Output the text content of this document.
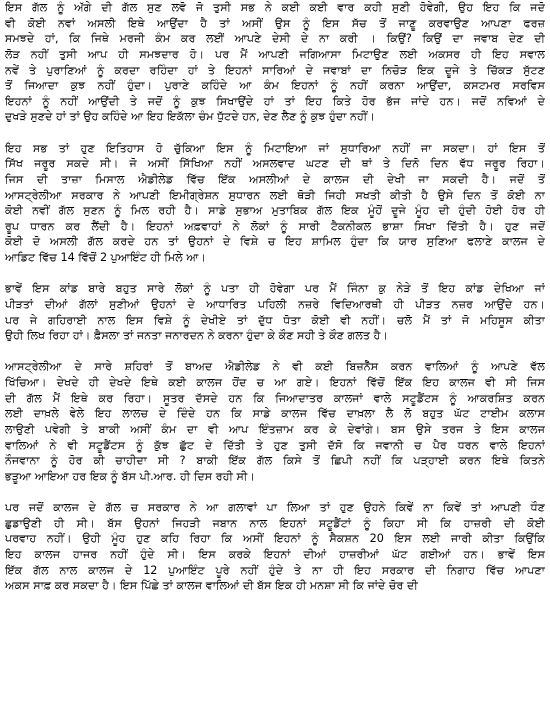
ਇਸ ਗੱਲ ਨੂੰ ਅੱਗੇ ਦੀ ਗੱਲ ਸੁਣ ਲਵੋ ਜੋ ਤੁਸੀ ਸਭ ਨੇ ਕਈ ਕਈ ਵਾਰ ਕਹੀ ਸੁਣੀ ਹੋਵੇਗੀ, ਉਹ ਇਹ ਕਿ ਜਦੋ
ਵੀ ਕੋਈ ਨਵਾਂ ਅਸਲੀ ਇਥੇ ਆਉਂਦਾ ਹੈ ਤਾਂ ਅਸੀਂ ਉਸ ਨੂੰ ਇਸ ਸੱਚ ਤੋਂ ਜਾਣੂ ਕਰਵਾਉਣ ਆਪਣਾ ਫਰਜ਼
ਸਮਝਦੇ ਹਾਂ, ਕਿ ਜਿਥੇ ਮਰਜੀ ਕੰਮ ਕਰ ਲਈਂ ਆਪਣੇ ਦੇਸੀ ਦੇ ਨਾ ਕਰੀ । ਕਿਉਂ? ਕਿਉਂ ਦਾ ਜਵਾਬ ਦੇਣ ਦੀ
ਲੋੜ ਨਹੀਂ ਤੁਸੀ ਆਪ ਹੀ ਸਮਝਦਾਰ ਹੋ। ਪਰ ਮੈਂ ਆਪਣੀ ਜਗਿਆਸਾ ਮਿਟਾਉਣ ਲਈ ਅਕਸਰ ਹੀ ਇਹ ਸਵਾਲ
ਨਵੇਂ ਤੇ ਪੁਰਾਣਿਆਂ ਨੂੰ ਕਰਦਾ ਰਹਿੰਦਾ ਹਾਂ ਤੇ ਇਹਨਾਂ ਸਾਰਿਆਂ ਦੇ ਜਵਾਬਾਂ ਦਾ ਨਿਚੋੜ ਇਕ ਦੂਜੇ ਤੇ ਚਿੱਕੜ ਸੁੱਟਣ
ਤੋਂ ਜਿਆਦਾ ਕੁਝ ਨਹੀਂ ਹੁੰਦਾ। ਪੁਰਾਣੇ ਕਹਿੰਦੇ ਆ ਕੰਮ ਇਹਨਾਂ ਨੂੰ ਨਹੀਂ ਕਰਨਾ ਆਉਂਦਾ, ਕਸਟਮਰ ਸਰਵਿਸ
ਇਹਨਾਂ ਨੂੰ ਨਹੀਂ ਆਉਂਦੀ ਤੇ ਜਦੋਂ ਨੂੰ ਕੁਝ ਸਿਖਾਉਂਦੇ ਹਾਂ ਤਾਂ ਇਹ ਕਿਤੇ ਹੋਰ ਭੱਜ ਜਾਂਦੇ ਹਨ। ਜਦੋਂ ਨਵਿਆਂ ਦੇ
ਦੁਖੜੇ ਸੁਣਦੇ ਹਾਂ ਤਾਂ ਉਹ ਕਹਿੰਦੇ ਆ ਇਹ ਇਕੱਲਾ ਚੰਮ ਧੁੱਟਦੇ ਹਨ, ਦੇਣ ਲੈਣ ਨੂੰ ਕੁਝ ਹੁੰਦਾ ਨਹੀਂ।
ਇਹ ਸਭ ਤਾਂ ਹੁਣ ਇਤਿਹਾਸ ਹੋ ਚੁੱਕਿਆ ਇਸ ਨੂੰ ਮਿਟਾਇਆ ਜਾਂ ਸੁਧਾਰਿਆ ਨਹੀਂ ਜਾ ਸਕਦਾ। ਹਾਂ ਇਸ ਤੋਂ
ਸਿੱਖ ਜਰੂਰ ਸਕਦੇ ਸੀ। ਜੋ ਅਸੀਂ ਸਿੱਖਿਆ ਨਹੀਂ ਅਸਲਵਾਦ ਘਟਣ ਦੀ ਥਾਂ ਤੇ ਦਿਨੋ ਦਿਨ ਵੱਧ ਜਰੂਰ ਰਿਹਾ।
ਜਿਸ ਦੀ ਤਾਜ਼ਾ ਮਿਸਾਲ ਐਡੀਲੇਡ ਵਿੱਚ ਇੱਕ ਅਸਲੀਆਂ ਦੇ ਕਾਲਜ ਦੀ ਦੇਖੀ ਜਾ ਸਕਦੀ ਹੈ। ਜਦੋਂ ਤੋਂ
ਆਸਟ੍ਰੇਲੀਆ ਸਰਕਾਰ ਨੇ ਆਪਣੀ ਇਮੀਗ੍ਰੇਸ਼ਨ ਸੁਧਾਰਨ ਲਈ ਥੋੜੀ ਜਿਹੀ ਸਖਤੀ ਕੀਤੀ ਹੈ ਉਸੇ ਦਿਨ ਤੋਂ ਕੋਈ ਨਾ
ਕੋਈ ਨਵੀਂ ਗੱਲ ਸੁਣਨ ਨੂੰ ਮਿਲ ਰਹੀ ਹੈ। ਸਾਡੇ ਸੁਭਾਅ ਮੁਤਾਬਿਕ ਗੱਲ ਇਕ ਮੂੰਹੋਂ ਦੂਜੇ ਮੂੰਹ ਦੀ ਹੁੰਦੀ ਹੋਈ ਹੋਰ ਹੀ
ਰੂਪ ਧਾਰਨ ਕਰ ਲੈਂਦੀ ਹੈ। ਇਹਨਾਂ ਅਫ਼ਵਾਹਾਂ ਨੇ ਲੋਕਾਂ ਨੂੰ ਸਾਰੀ ਟੈਕਨੀਕਲ ਭਾਸ਼ਾ ਸਿਖਾ ਦਿੱਤੀ ਹੈ। ਹੁਣ ਜਦੋਂ
ਕੋਈ ਦੋ ਅਸਲੀ ਗੱਲ ਕਰਦੇ ਹਨ ਤਾਂ ਉਹਨਾਂ ਦੇ ਵਿਸ਼ੇ ਚ ਇਹ ਸ਼ਾਮਿਲ ਹੁੰਦਾ ਕਿ ਯਾਰ ਸੁਣਿਆ ਫਲਾਣੇ ਕਾਲਜ ਦੇ
ਆਡਿਟ ਵਿੱਚ 14 ਵਿੱਚੋਂ 2 ਪੁਆਇੰਟ ਹੀ ਮਿਲੇ ਆ।
ਭਾਵੇਂ ਇਸ ਕਾਂਡ ਬਾਰੇ ਬਹੁਤ ਸਾਰੇ ਲੋਕਾਂ ਨੂੰ ਪਤਾ ਹੀ ਹੋਵੇਗਾ ਪਰ ਮੈਂ ਜਿੰਨਾ ਕੁ ਨੇੜੇ ਤੋਂ ਇਹ ਕਾਂਡ ਦੇਖਿਆ ਜਾਂ
ਪੀੜਤਾਂ ਦੀਆਂ ਗੱਲਾਂ ਸੁਣੀਆਂ ਉਹਨਾਂ ਦੇ ਆਧਾਰਿਤ ਪਹਿਲੀ ਨਜ਼ਰੇ ਵਿਦਿਆਰਥੀ ਹੀ ਪੀੜਤ ਨਜ਼ਰ ਆਉਂਦੇ ਹਨ।
ਪਰ ਜੇ ਗਹਿਰਾਈ ਨਾਲ ਇਸ ਵਿਸ਼ੇ ਨੂੰ ਦੇਖੀਏ ਤਾਂ ਦੁੱਧ ਧੋਤਾ ਕੋਈ ਵੀ ਨਹੀਂ। ਚਲੋ ਮੈਂ ਤਾਂ ਜੋ ਮਹਿਸੂਸ ਕੀਤਾ
ਉਹੀ ਲਿਖ ਰਿਹਾ ਹਾਂ। ਫ਼ੈਸਲਾ ਤਾਂ ਜਨਤਾ ਜਨਾਰਦਨ ਨੇ ਕਰਨਾ ਹੁੰਦਾ ਕੇ ਕੌਣ ਸਹੀ ਤੇ ਕੌਣ ਗਲਤ ਹੈ।
ਆਸਟ੍ਰੇਲੀਆ ਦੇ ਸਾਰੇ ਸ਼ਹਿਰਾਂ ਤੋਂ ਬਾਅਦ ਐਡੀਲੇਡ ਨੇ ਵੀ ਕਈ ਬਿਜ਼ਨੈੱਸ ਕਰਨ ਵਾਲਿਆਂ ਨੂੰ ਆਪਣੇ ਵੱਲ
ਖਿੱਚਿਆ। ਦੇਖਦੇ ਹੀ ਦੇਖਦੇ ਇਥੇ ਕਈ ਕਾਲਜ ਹੋਂਦ ਚ ਆ ਗਏ। ਇਹਨਾਂ ਵਿੱਚੋਂ ਇੱਕ ਇਹ ਕਾਲਜ ਵੀ ਸੀ ਜਿਸ
ਦੀ ਗੱਲ ਮੈਂ ਇਥੇ ਕਰ ਰਿਹਾ। ਸੂਤਰ ਦੱਸਦੇ ਹਨ ਕਿ ਜਿਆਦਾਤਰ ਕਾਲਜਾਂ ਵਾਲੇ ਸਟੂਡੈਂਟਸ ਨੂੰ ਆਕਰਸ਼ਿਤ ਕਰਨ
ਲਈ ਦਾਖ਼ਲੇ ਵੇਲੇ ਇਹ ਲਾਲਚ ਦੇ ਦਿੰਦੇ ਹਨ ਕਿ ਸਾਡੇ ਕਾਲਜ ਵਿੱਚ ਦਾਖ਼ਲਾ ਲੈ ਲੋ ਬਹੁਤ ਘੱਟ ਟਾਈਮ ਕਲਾਸ
ਲਾਉਣੀ ਪਵੇਗੀ ਤੇ ਬਾਕੀ ਅਸੀਂ ਕੰਮ ਦਾ ਵੀ ਆਪ ਇੰਤਜ਼ਾਮ ਕਰ ਕੇ ਦੇਵਾਂਗੇ। ਬਸ ਉਸੇ ਤਰਜ ਤੇ ਇਸ ਕਾਲਜ
ਵਾਲਿਆਂ ਨੇ ਵੀ ਸਟੂਡੈਂਟਸ ਨੂੰ ਕੁੱਝ ਛੁੱਟ ਦੇ ਦਿੱਤੀ ਤੇ ਹੁਣ ਤੁਸੀ ਦੱਸੋ ਕਿ ਜਵਾਨੀ ਚ ਪੈਰ ਧਰਨ ਵਾਲੇ ਇਹਨਾਂ
ਨੌਜਵਾਨਾ ਨੂੰ ਹੋਰ ਕੀ ਚਾਹੀਦਾ ਸੀ ? ਬਾਕੀ ਇੱਕ ਗੱਲ ਕਿਸੇ ਤੋਂ ਛਿਪੀ ਨਹੀਂ ਕਿ ਪੜ੍ਹਾਈ ਕਰਨ ਇਥੇ ਕਿਤਨੇ
ਭੜੂਆ ਆਇਆ ਹਰ ਇਕ ਨੂੰ ਬੱਸ ਪੀ.ਆਰ. ਹੀ ਦਿਸ ਰਹੀ ਸੀ।
ਪਰ ਜਦੋਂ ਕਾਲਜ ਦੇ ਗੱਲ ਚ ਸਰਕਾਰ ਨੇ ਆ ਗਲਾਵਾਂ ਪਾ ਲਿਆ ਤਾਂ ਹੁਣ ਉਹਨੇ ਕਿਵੇਂ ਨਾ ਕਿਵੇਂ ਤਾਂ ਆਪਣੀ ਧੌਣ
ਛੁਡਾਉਣੀ ਹੀ ਸੀ। ਬੱਸ ਉਹਨਾਂ ਜਿਹੜੀ ਜਬਾਨ ਨਾਲ ਇਹਨਾਂ ਸਟੂਡੈਂਟਾਂ ਨੂੰ ਕਿਹਾ ਸੀ ਕਿ ਹਾਜ਼ਰੀ ਦੀ ਕੋਈ
ਪਰਵਾਹ ਨਹੀਂ। ਉਹੀ ਮੂੰਹ ਹੁਣ ਕਹਿ ਰਿਹਾ ਕਿ ਅਸੀਂ ਇਹਨਾਂ ਨੂੰ ਸੈਕਸ਼ਨ 20 ਇਸ ਲਈ ਜਾਰੀ ਕੀਤਾ ਕਿਉਂਕਿ
ਇਹ ਕਾਲਜ ਹਾਜਰ ਨਹੀਂ ਹੁੰਦੇ ਸੀ। ਇਸ ਕਰਕੇ ਇਹਨਾਂ ਦੀਆਂ ਹਾਜ਼ਰੀਆਂ ਘੱਟ ਗਈਆਂ ਹਨ। ਭਾਵੇਂ ਇਸ
ਇੱਕ ਗੱਲ ਨਾਲ ਕਾਲਜ ਦੇ 12 ਪੁਆਇੰਟ ਪੂਰੇ ਨਹੀਂ ਹੁੰਦੇ ਤੇ ਨਾ ਹੀ ਇਹ ਸਰਕਾਰ ਦੀ ਨਿਗਾਹ ਵਿੱਚ ਆਪਣਾ
ਅਕਸ ਸਾਫ਼ ਕਰ ਸਕਦਾ ਹੈ। ਇਸ ਪਿੱਛੇ ਤਾਂ ਕਾਲਜ ਵਾਲਿਆਂ ਦੀ ਬੱਸ ਇਕ ਹੀ ਮਨਸ਼ਾ ਸੀ ਕਿ ਜਾਂਦੇ ਚੋਰ ਦੀ
